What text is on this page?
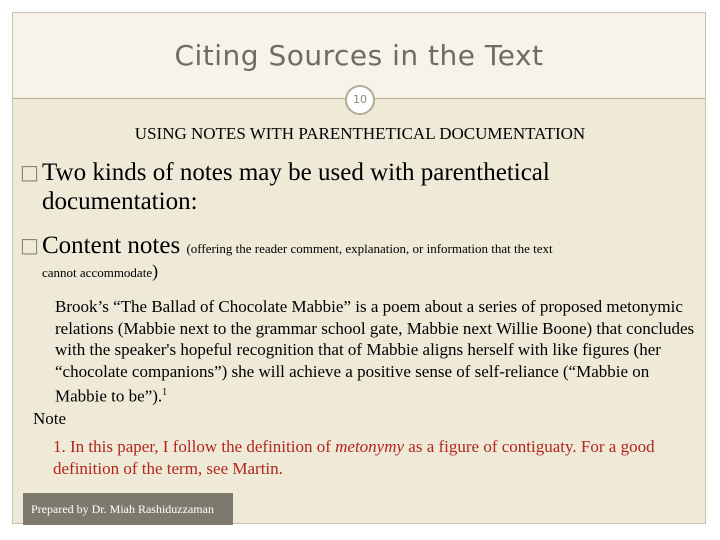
Citing Sources in the Text
10
USING NOTES WITH PARENTHETICAL DOCUMENTATION
□ Two kinds of notes may be used with parenthetical documentation:
□ Content notes (offering the reader comment, explanation, or information that the text
cannot accommodate)
Brook’s “The Ballad of Chocolate Mabbie” is a poem about a series of proposed metonymic relations (Mabbie next to the grammar school gate, Mabbie next Willie Boone) that concludes with the speaker's hopeful recognition that of Mabbie aligns herself with like figures (her “chocolate companions”) she will achieve a positive sense of self-reliance (“Mabbie on Mabbie to be”).$^1$
Note
1. In this paper, I follow the definition of metonymy as a figure of contiguaty. For a good definition of the term, see Martin.
Prepared by Dr. Miah Rashiduzzaman
